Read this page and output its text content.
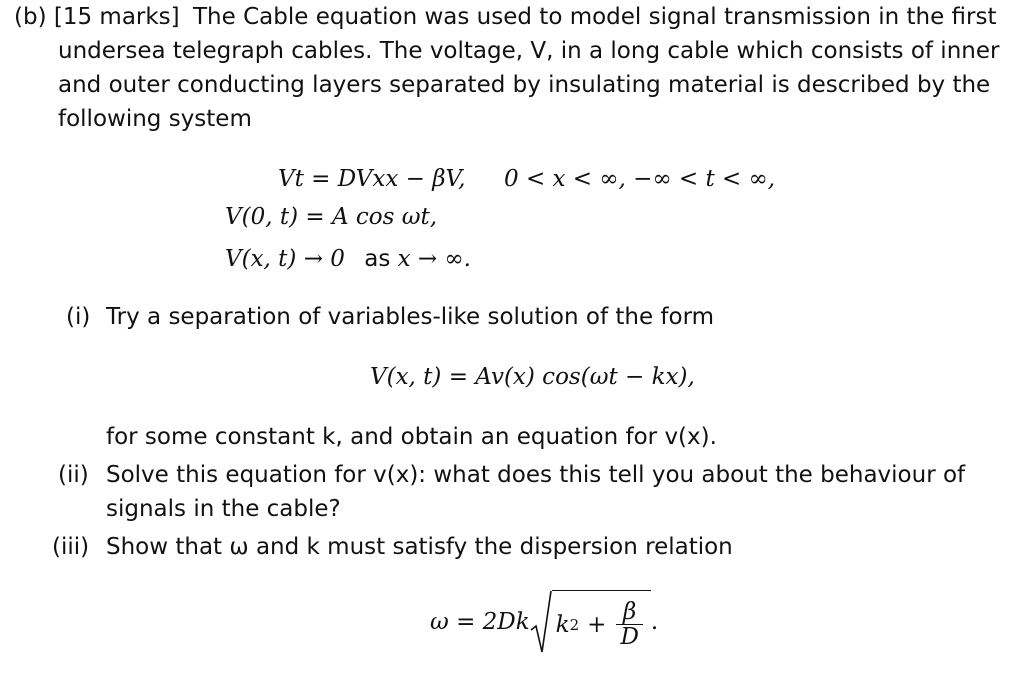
(b) [15 marks] The Cable equation was used to model signal transmission in the first
undersea telegraph cables. The voltage, V, in a long cable which consists of inner
and outer conducting layers separated by insulating material is described by the
following system
Vt = DVxx − βV, 0 < x < ∞, −∞ < t < ∞,
V(0, t) = A cos ωt,
V(x, t) → 0 as x → ∞.
(i) Try a separation of variables-like solution of the form
V(x, t) = Av(x) cos(ωt − kx),
for some constant k, and obtain an equation for v(x).
(ii) Solve this equation for v(x): what does this tell you about the behaviour of
signals in the cable?
(iii) Show that ω and k must satisfy the dispersion relation
ω = 2Dk k $2 + \frac{\beta}{D}$ .
